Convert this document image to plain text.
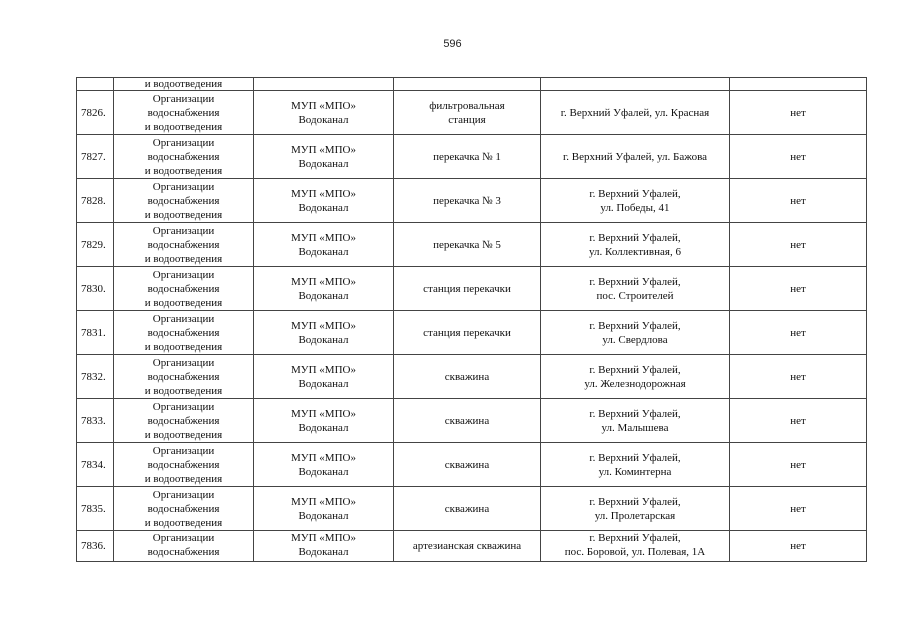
596
	и водоотведения				
7826.	Организации
водоснабжения
и водоотведения	МУП «МПО»
Водоканал	фильтровальная
станция	г. Верхний Уфалей, ул. Красная	нет
7827.	Организации
водоснабжения
и водоотведения	МУП «МПО»
Водоканал	перекачка № 1	г. Верхний Уфалей, ул. Бажова	нет
7828.	Организации
водоснабжения
и водоотведения	МУП «МПО»
Водоканал	перекачка № 3	г. Верхний Уфалей,
ул. Победы, 41	нет
7829.	Организации
водоснабжения
и водоотведения	МУП «МПО»
Водоканал	перекачка № 5	г. Верхний Уфалей,
ул. Коллективная, 6	нет
7830.	Организации
водоснабжения
и водоотведения	МУП «МПО»
Водоканал	станция перекачки	г. Верхний Уфалей,
пос. Строителей	нет
7831.	Организации
водоснабжения
и водоотведения	МУП «МПО»
Водоканал	станция перекачки	г. Верхний Уфалей,
ул. Свердлова	нет
7832.	Организации
водоснабжения
и водоотведения	МУП «МПО»
Водоканал	скважина	г. Верхний Уфалей,
ул. Железнодорожная	нет
7833.	Организации
водоснабжения
и водоотведения	МУП «МПО»
Водоканал	скважина	г. Верхний Уфалей,
ул. Малышева	нет
7834.	Организации
водоснабжения
и водоотведения	МУП «МПО»
Водоканал	скважина	г. Верхний Уфалей,
ул. Коминтерна	нет
7835.	Организации
водоснабжения
и водоотведения	МУП «МПО»
Водоканал	скважина	г. Верхний Уфалей,
ул. Пролетарская	нет
7836.	Организации
водоснабжения	МУП «МПО»
Водоканал	артезианская скважина	г. Верхний Уфалей,
пос. Боровой, ул. Полевая, 1А	нет
